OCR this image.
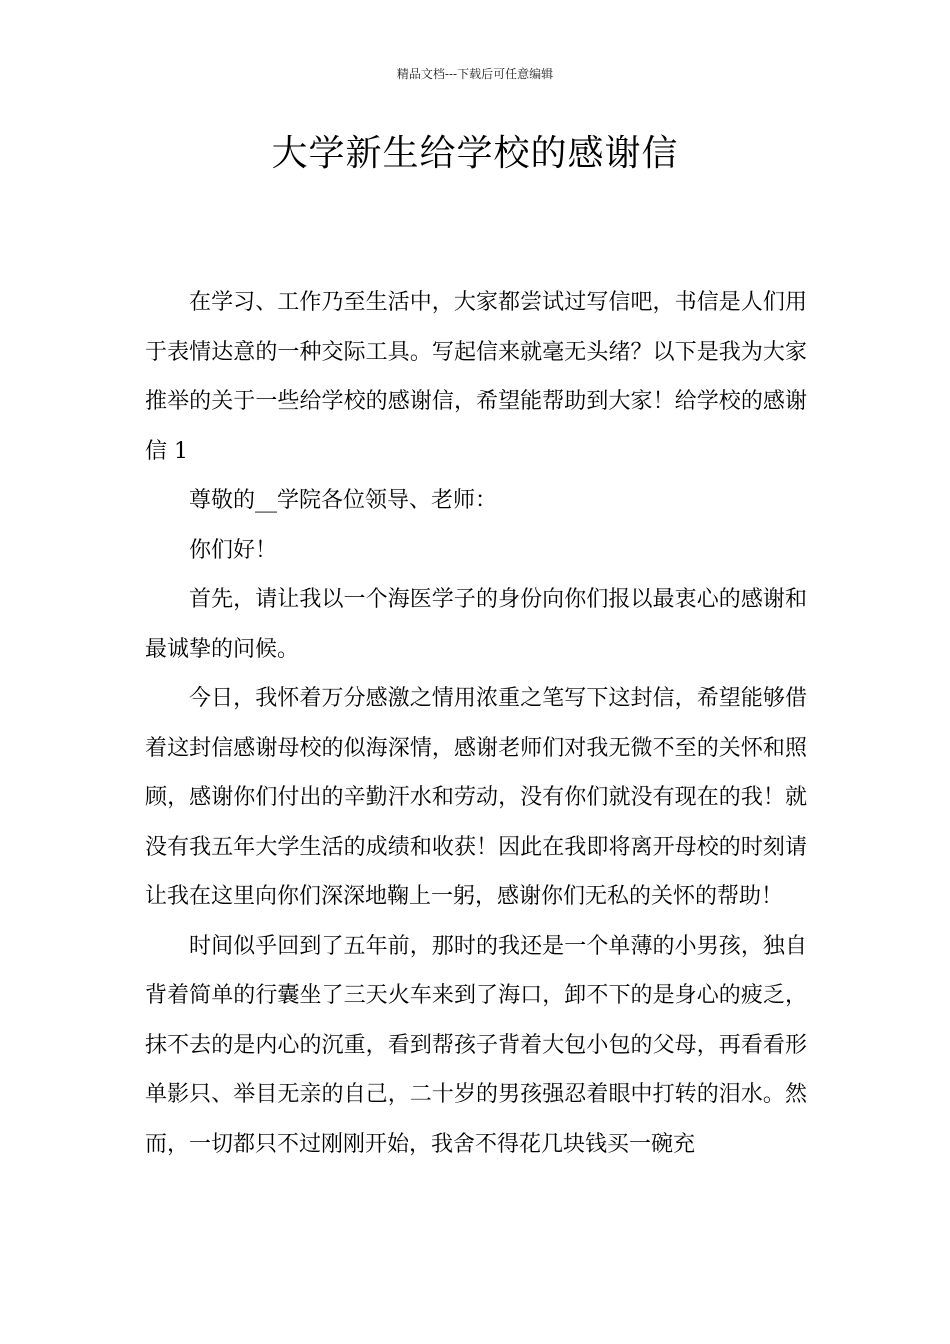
精品文档---下载后可任意编辑
大学新生给学校的感谢信

在学习、工作乃至生活中，大家都尝试过写信吧，书信是人们用于表情达意的一种交际工具。写起信来就毫无头绪？以下是我为大家推举的关于一些给学校的感谢信，希望能帮助到大家！给学校的感谢信 1

尊敬的__学院各位领导、老师：

你们好！

首先，请让我以一个海医学子的身份向你们报以最衷心的感谢和最诚挚的问候。

今日，我怀着万分感激之情用浓重之笔写下这封信，希望能够借着这封信感谢母校的似海深情，感谢老师们对我无微不至的关怀和照顾，感谢你们付出的辛勤汗水和劳动，没有你们就没有现在的我！就没有我五年大学生活的成绩和收获！因此在我即将离开母校的时刻请让我在这里向你们深深地鞠上一躬，感谢你们无私的关怀的帮助！

时间似乎回到了五年前，那时的我还是一个单薄的小男孩，独自背着简单的行囊坐了三天火车来到了海口，卸不下的是身心的疲乏，抹不去的是内心的沉重，看到帮孩子背着大包小包的父母，再看看形单影只、举目无亲的自己，二十岁的男孩强忍着眼中打转的泪水。然而，一切都只不过刚刚开始，我舍不得花几块钱买一碗充
